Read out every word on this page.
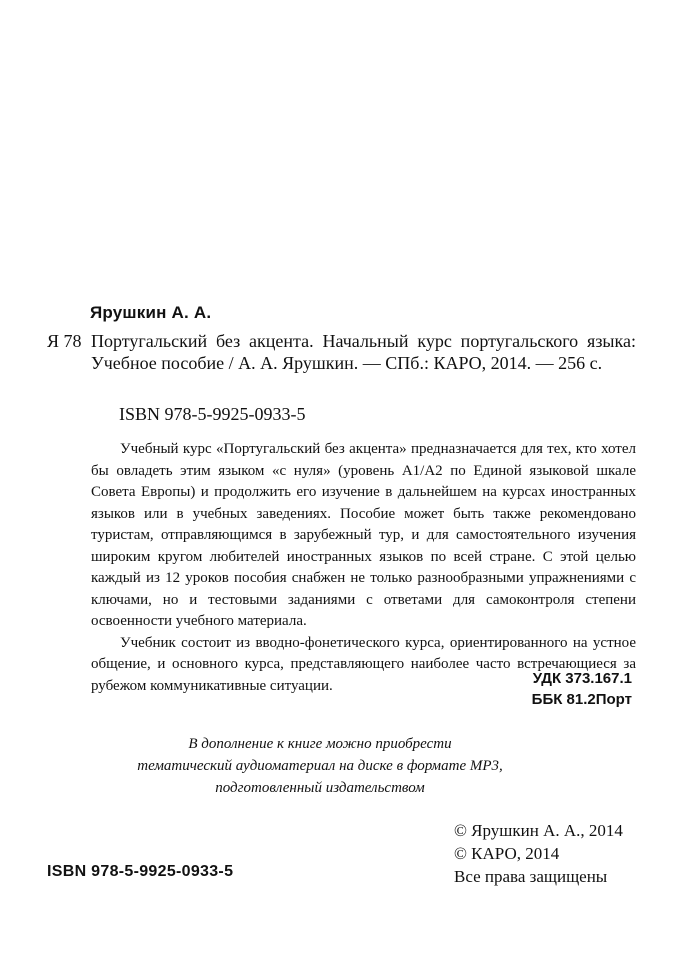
Ярушкин А. А.
Я 78 Португальский без акцента. Начальный курс португальского языка: Учебное пособие / А. А. Ярушкин. — СПб.: КАРО, 2014. — 256 с.
ISBN 978-5-9925-0933-5

Учебный курс «Португальский без акцента» предназначается для тех, кто хотел бы овладеть этим языком «с нуля» (уровень А1/А2 по Единой языковой шкале Совета Европы) и продолжить его изучение в дальнейшем на курсах иностранных языков или в учебных заведениях. Пособие может быть также рекомендовано туристам, отправляющимся в зарубежный тур, и для самостоятельного изучения широким кругом любителей иностранных языков по всей стране. С этой целью каждый из 12 уроков пособия снабжен не только разнообразными упражнениями с ключами, но и тестовыми заданиями с ответами для самоконтроля степени освоенности учебного материала.

Учебник состоит из вводно-фонетического курса, ориентированного на устное общение, и основного курса, представляющего наиболее часто встречающиеся за рубежом коммуникативные ситуации.	УДК 373.167.1
ББК 81.2Порт
В дополнение к книге можно приобрести
тематический аудиоматериал на диске в формате МР3,
подготовленный издательством
© Ярушкин А. А., 2014
© КАРО, 2014
Все права защищены
ISBN 978-5-9925-0933-5
